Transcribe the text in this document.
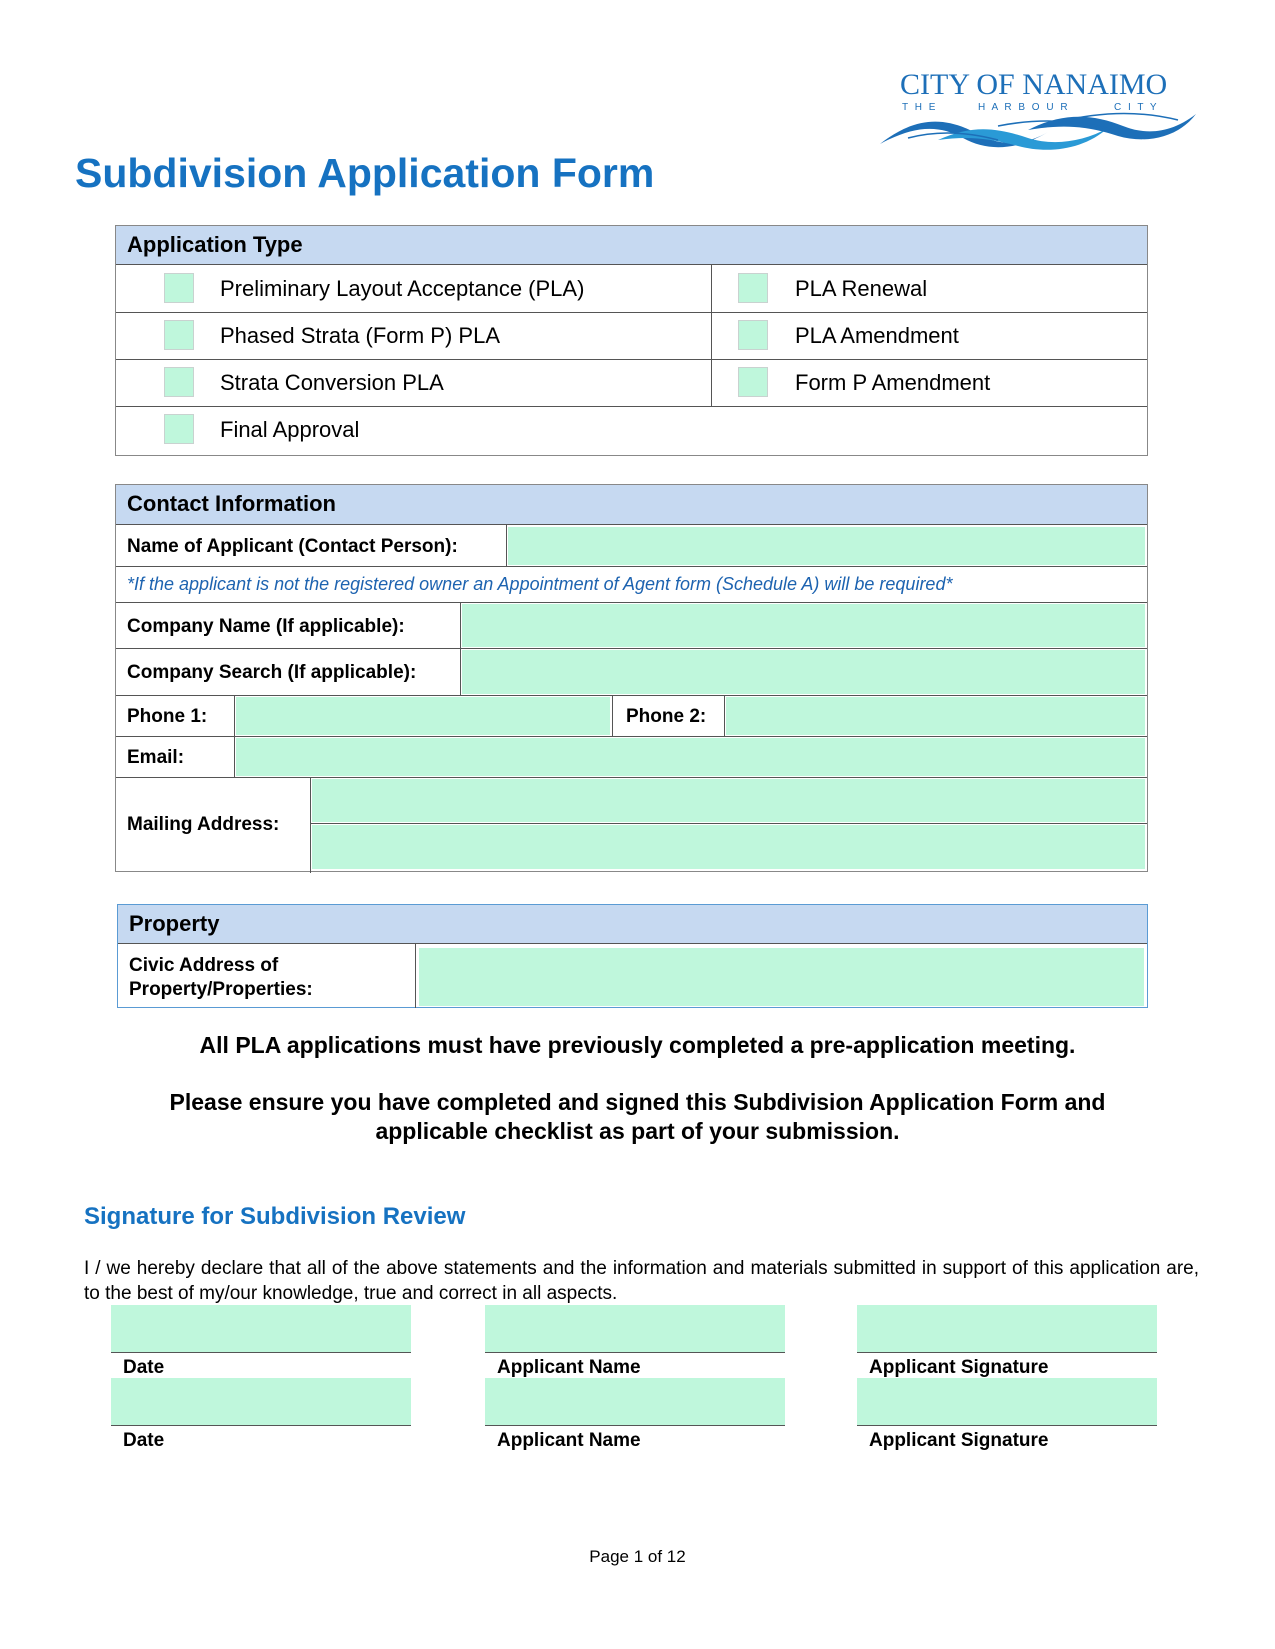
CITY OF NANAIMO
T H E	H A R B O U R	C I T Y
Subdivision Application Form
Application Type
Preliminary Layout Acceptance (PLA)	PLA Renewal
Phased Strata (Form P) PLA	PLA Amendment
Strata Conversion PLA	Form P Amendment
Final Approval
Contact Information
Name of Applicant (Contact Person):
*If the applicant is not the registered owner an Appointment of Agent form (Schedule A) will be required*
Company Name (If applicable):
Company Search (If applicable):
Phone 1:	Phone 2:
Email:
Mailing Address:
Property
Civic Address of
Property/Properties:
All PLA applications must have previously completed a pre-application meeting.
Please ensure you have completed and signed this Subdivision Application Form and
applicable checklist as part of your submission.
Signature for Subdivision Review
I / we hereby declare that all of the above statements and the information and materials submitted in support of this application are, to the best of my/our knowledge, true and correct in all aspects.
Date	Applicant Name	Applicant Signature
Date	Applicant Name	Applicant Signature
Page 1 of 12
